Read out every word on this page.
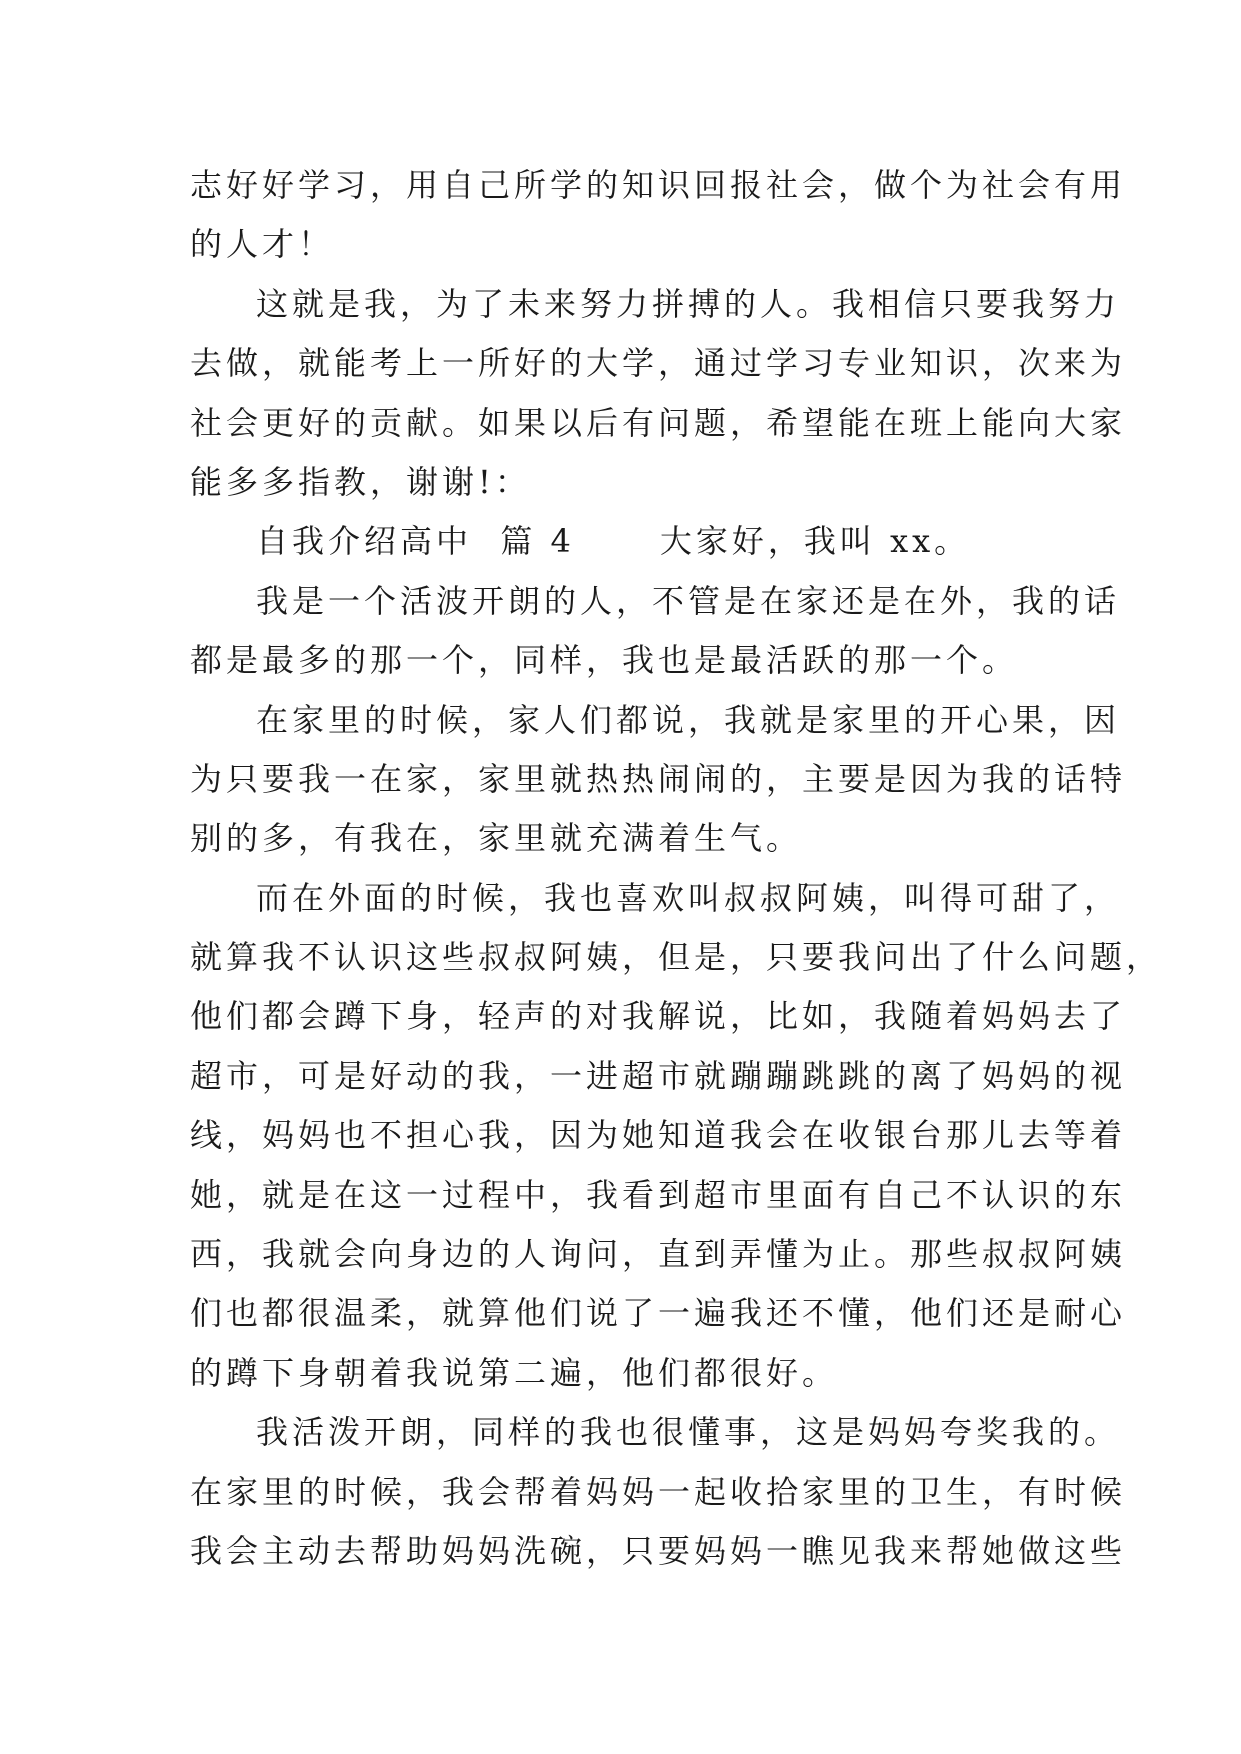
志好好学习，用自己所学的知识回报社会，做个为社会有用
的人才！
这就是我，为了未来努力拼搏的人。我相信只要我努力
去做，就能考上一所好的大学，通过学习专业知识，次来为
社会更好的贡献。如果以后有问题，希望能在班上能向大家
能多多指教，谢谢!：
自我介绍高中  篇 4      大家好，我叫 xx。
我是一个活波开朗的人，不管是在家还是在外，我的话
都是最多的那一个，同样，我也是最活跃的那一个。
在家里的时候，家人们都说，我就是家里的开心果，因
为只要我一在家，家里就热热闹闹的，主要是因为我的话特
别的多，有我在，家里就充满着生气。
而在外面的时候，我也喜欢叫叔叔阿姨，叫得可甜了，
就算我不认识这些叔叔阿姨，但是，只要我问出了什么问题，
他们都会蹲下身，轻声的对我解说，比如，我随着妈妈去了
超市，可是好动的我，一进超市就蹦蹦跳跳的离了妈妈的视
线，妈妈也不担心我，因为她知道我会在收银台那儿去等着
她，就是在这一过程中，我看到超市里面有自己不认识的东
西，我就会向身边的人询问，直到弄懂为止。那些叔叔阿姨
们也都很温柔，就算他们说了一遍我还不懂，他们还是耐心
的蹲下身朝着我说第二遍，他们都很好。
我活泼开朗，同样的我也很懂事，这是妈妈夸奖我的。
在家里的时候，我会帮着妈妈一起收拾家里的卫生，有时候
我会主动去帮助妈妈洗碗，只要妈妈一瞧见我来帮她做这些
